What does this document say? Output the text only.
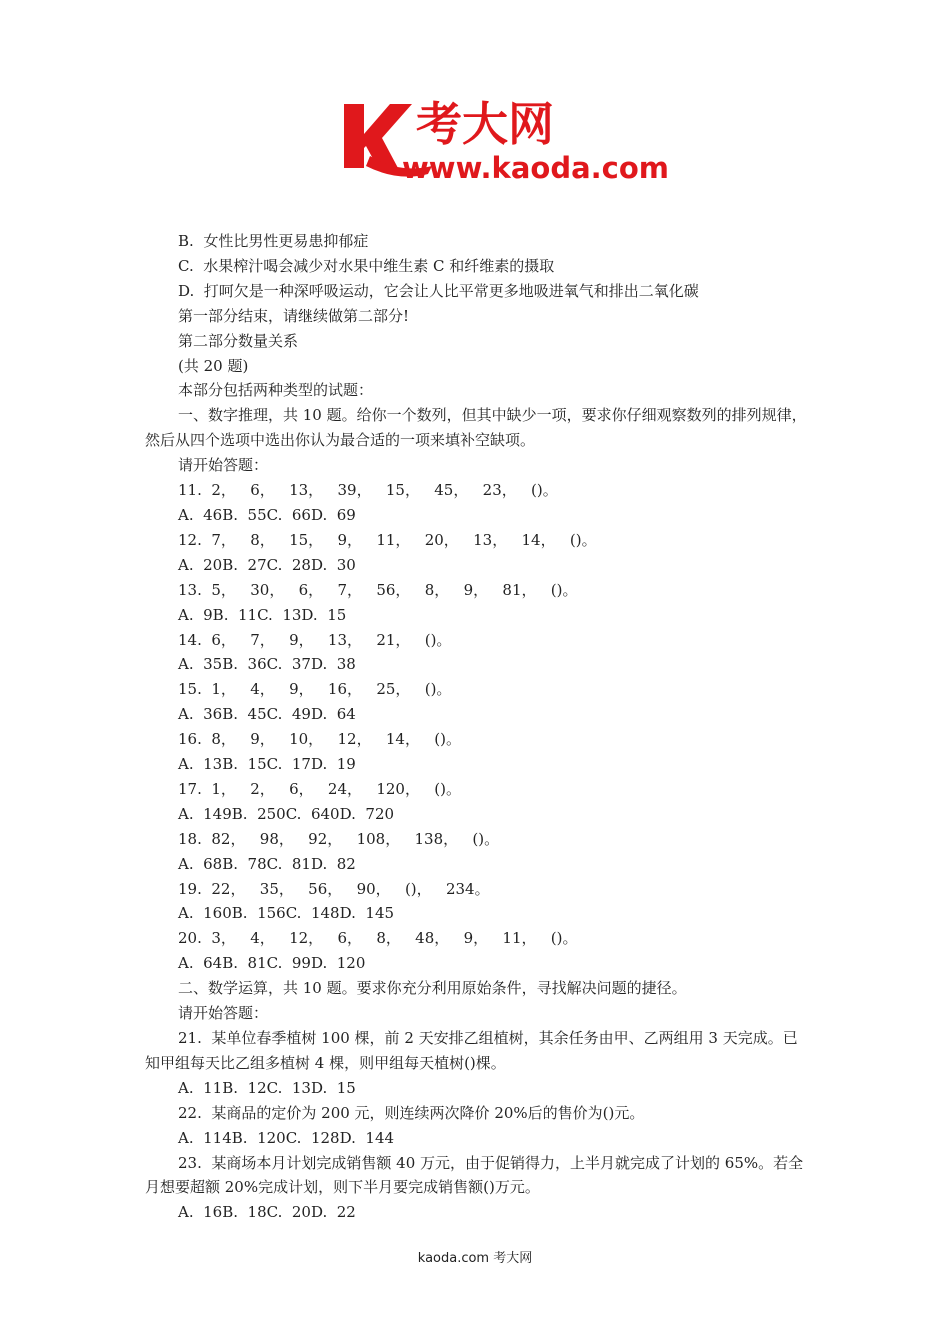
考大网
www.kaoda.com

B.  女性比男性更易患抑郁症

C.  水果榨汁喝会减少对水果中维生素 C 和纤维素的摄取

D.  打呵欠是一种深呼吸运动，它会让人比平常更多地吸进氧气和排出二氧化碳

第一部分结束，请继续做第二部分!

第二部分数量关系

(共 20 题)

本部分包括两种类型的试题：

一、数字推理，共 10 题。给你一个数列，但其中缺少一项，要求你仔细观察数列的排列规律，然后从四个选项中选出你认为最合适的一项来填补空缺项。

请开始答题：

11.  2，   6，   13，   39，   15，   45，   23，   ()。

A.  46B.  55C.  66D.  69

12.  7，   8，   15，   9，   11，   20，   13，   14，   ()。

A.  20B.  27C.  28D.  30

13.  5，   30，   6，   7，   56，   8，   9，   81，   ()。

A.  9B.  11C.  13D.  15

14.  6，   7，   9，   13，   21，   ()。

A.  35B.  36C.  37D.  38

15.  1，   4，   9，   16，   25，   ()。

A.  36B.  45C.  49D.  64

16.  8，   9，   10，   12，   14，   ()。

A.  13B.  15C.  17D.  19

17.  1，   2，   6，   24，   120，   ()。

A.  149B.  250C.  640D.  720

18.  82，   98，   92，   108，   138，   ()。

A.  68B.  78C.  81D.  82

19.  22，   35，   56，   90，   ()，   234。

A.  160B.  156C.  148D.  145

20.  3，   4，   12，   6，   8，   48，   9，   11，   ()。

A.  64B.  81C.  99D.  120

二、数学运算，共 10 题。要求你充分利用原始条件，寻找解决问题的捷径。

请开始答题：

21.  某单位春季植树 100 棵，前 2 天安排乙组植树，其余任务由甲、乙两组用 3 天完成。已知甲组每天比乙组多植树 4 棵，则甲组每天植树()棵。

A.  11B.  12C.  13D.  15

22.  某商品的定价为 200 元，则连续两次降价 20%后的售价为()元。

A.  114B.  120C.  128D.  144

23.  某商场本月计划完成销售额 40 万元，由于促销得力，上半月就完成了计划的 65%。若全月想要超额 20%完成计划，则下半月要完成销售额()万元。

A.  16B.  18C.  20D.  22

kaoda.com 考大网
